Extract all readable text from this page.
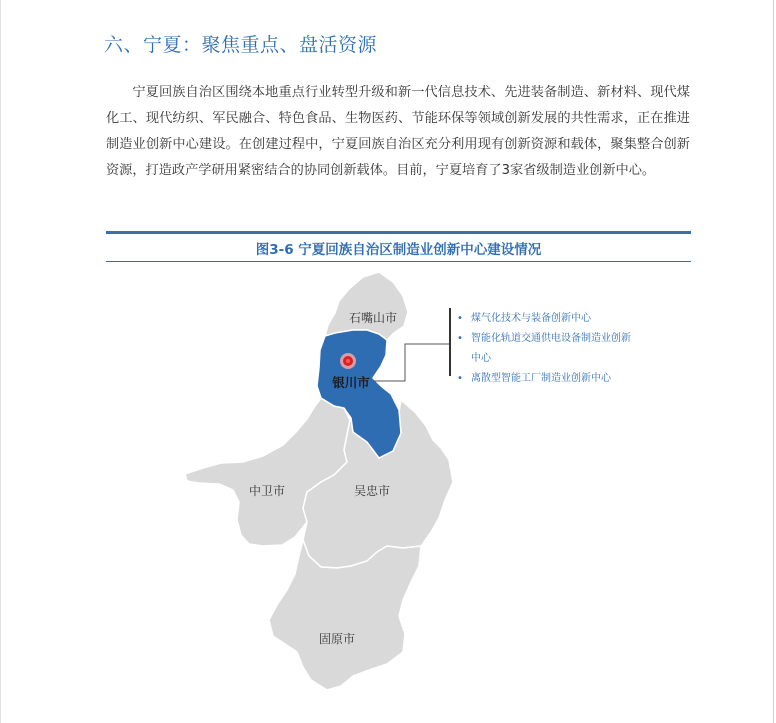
六、宁夏：聚焦重点、盘活资源

宁夏回族自治区围绕本地重点行业转型升级和新一代信息技术、先进装备制造、新材料、现代煤化工、现代纺织、军民融合、特色食品、生物医药、节能环保等领域创新发展的共性需求，正在推进制造业创新中心建设。在创建过程中，宁夏回族自治区充分利用现有创新资源和载体，聚集整合创新资源，打造政产学研用紧密结合的协同创新载体。目前，宁夏培育了3家省级制造业创新中心。

图3-6 宁夏回族自治区制造业创新中心建设情况
石嘴山市
银川市
中卫市	吴忠市
固原市
• 煤气化技术与装备创新中心
• 智能化轨道交通供电设备制造业创新中心
• 离散型智能工厂制造业创新中心
